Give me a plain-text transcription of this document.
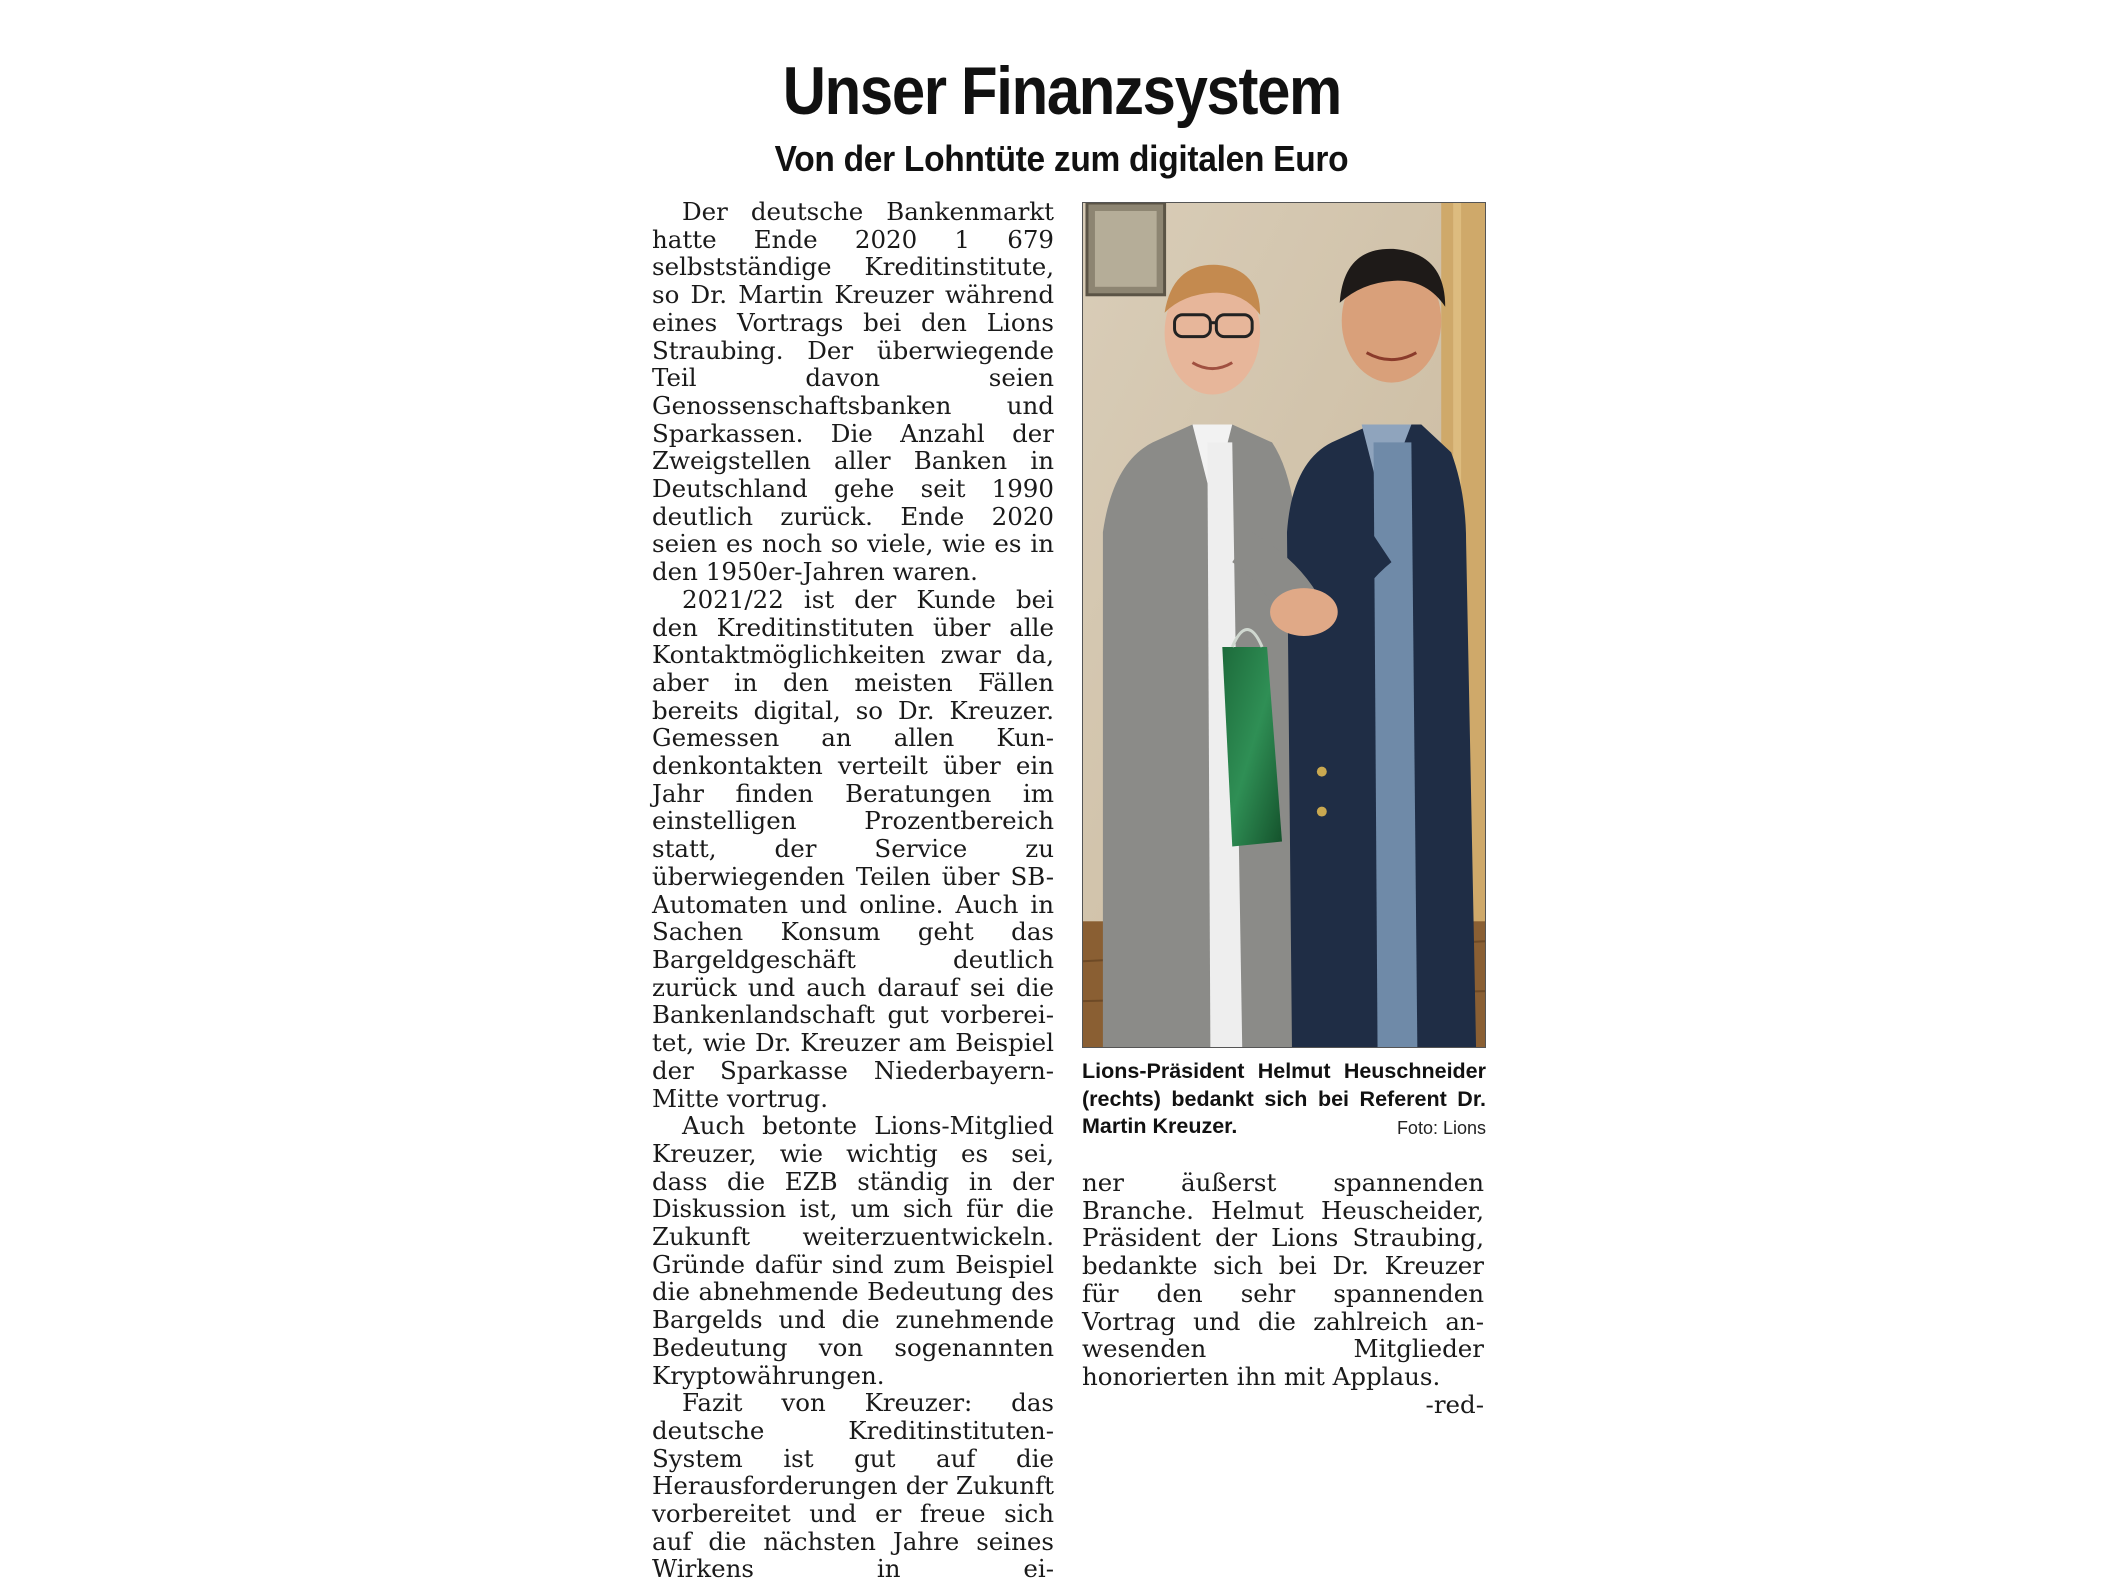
Unser Finanzsystem
Von der Lohntüte zum digitalen Euro

Der deutsche Bankenmarkt hatte Ende 2020 1 679 selbstständige Kreditinstitute, so Dr. Martin Kreuzer während eines Vortrags bei den Lions Straubing. Der überwiegende Teil davon seien Genossenschaftsbanken und Sparkassen. Die Anzahl der Zweigstellen aller Banken in Deutschland gehe seit 1990 deutlich zurück. Ende 2020 seien es noch so viele, wie es in den 1950er-Jahren waren.

2021/22 ist der Kunde bei den Kreditinstituten über alle Kontaktmöglichkeiten zwar da, aber in den meisten Fällen bereits digital, so Dr. Kreuzer. Gemessen an allen Kundenkontakten verteilt über ein Jahr finden Beratungen im einstelligen Prozentbereich statt, der Service zu überwiegenden Teilen über SB-Automaten und online. Auch in Sachen Konsum geht das Bargeldgeschäft deutlich zurück und auch darauf sei die Bankenlandschaft gut vorbereitet, wie Dr. Kreuzer am Beispiel der Sparkasse Niederbayern-Mitte vortrug.

Auch betonte Lions-Mitglied Kreuzer, wie wichtig es sei, dass die EZB ständig in der Diskussion ist, um sich für die Zukunft weiterzuentwickeln. Gründe dafür sind zum Beispiel die abnehmende Bedeutung des Bargelds und die zunehmende Bedeutung von sogenannten Kryptowährungen.

Fazit von Kreuzer: das deutsche Kreditinstituten-System ist gut auf die Herausforderungen der Zukunft vorbereitet und er freue sich auf die nächsten Jahre seines Wirkens in ei-

Lions-Präsident Helmut Heuschneider (rechts) bedankt sich bei Referent Dr. Martin Kreuzer.	Foto: Lions

ner äußerst spannenden Branche. Helmut Heuscheider, Präsident der Lions Straubing, bedankte sich bei Dr. Kreuzer für den sehr spannenden Vortrag und die zahlreich anwesenden Mitglieder honorierten ihn mit Applaus.
-red-
